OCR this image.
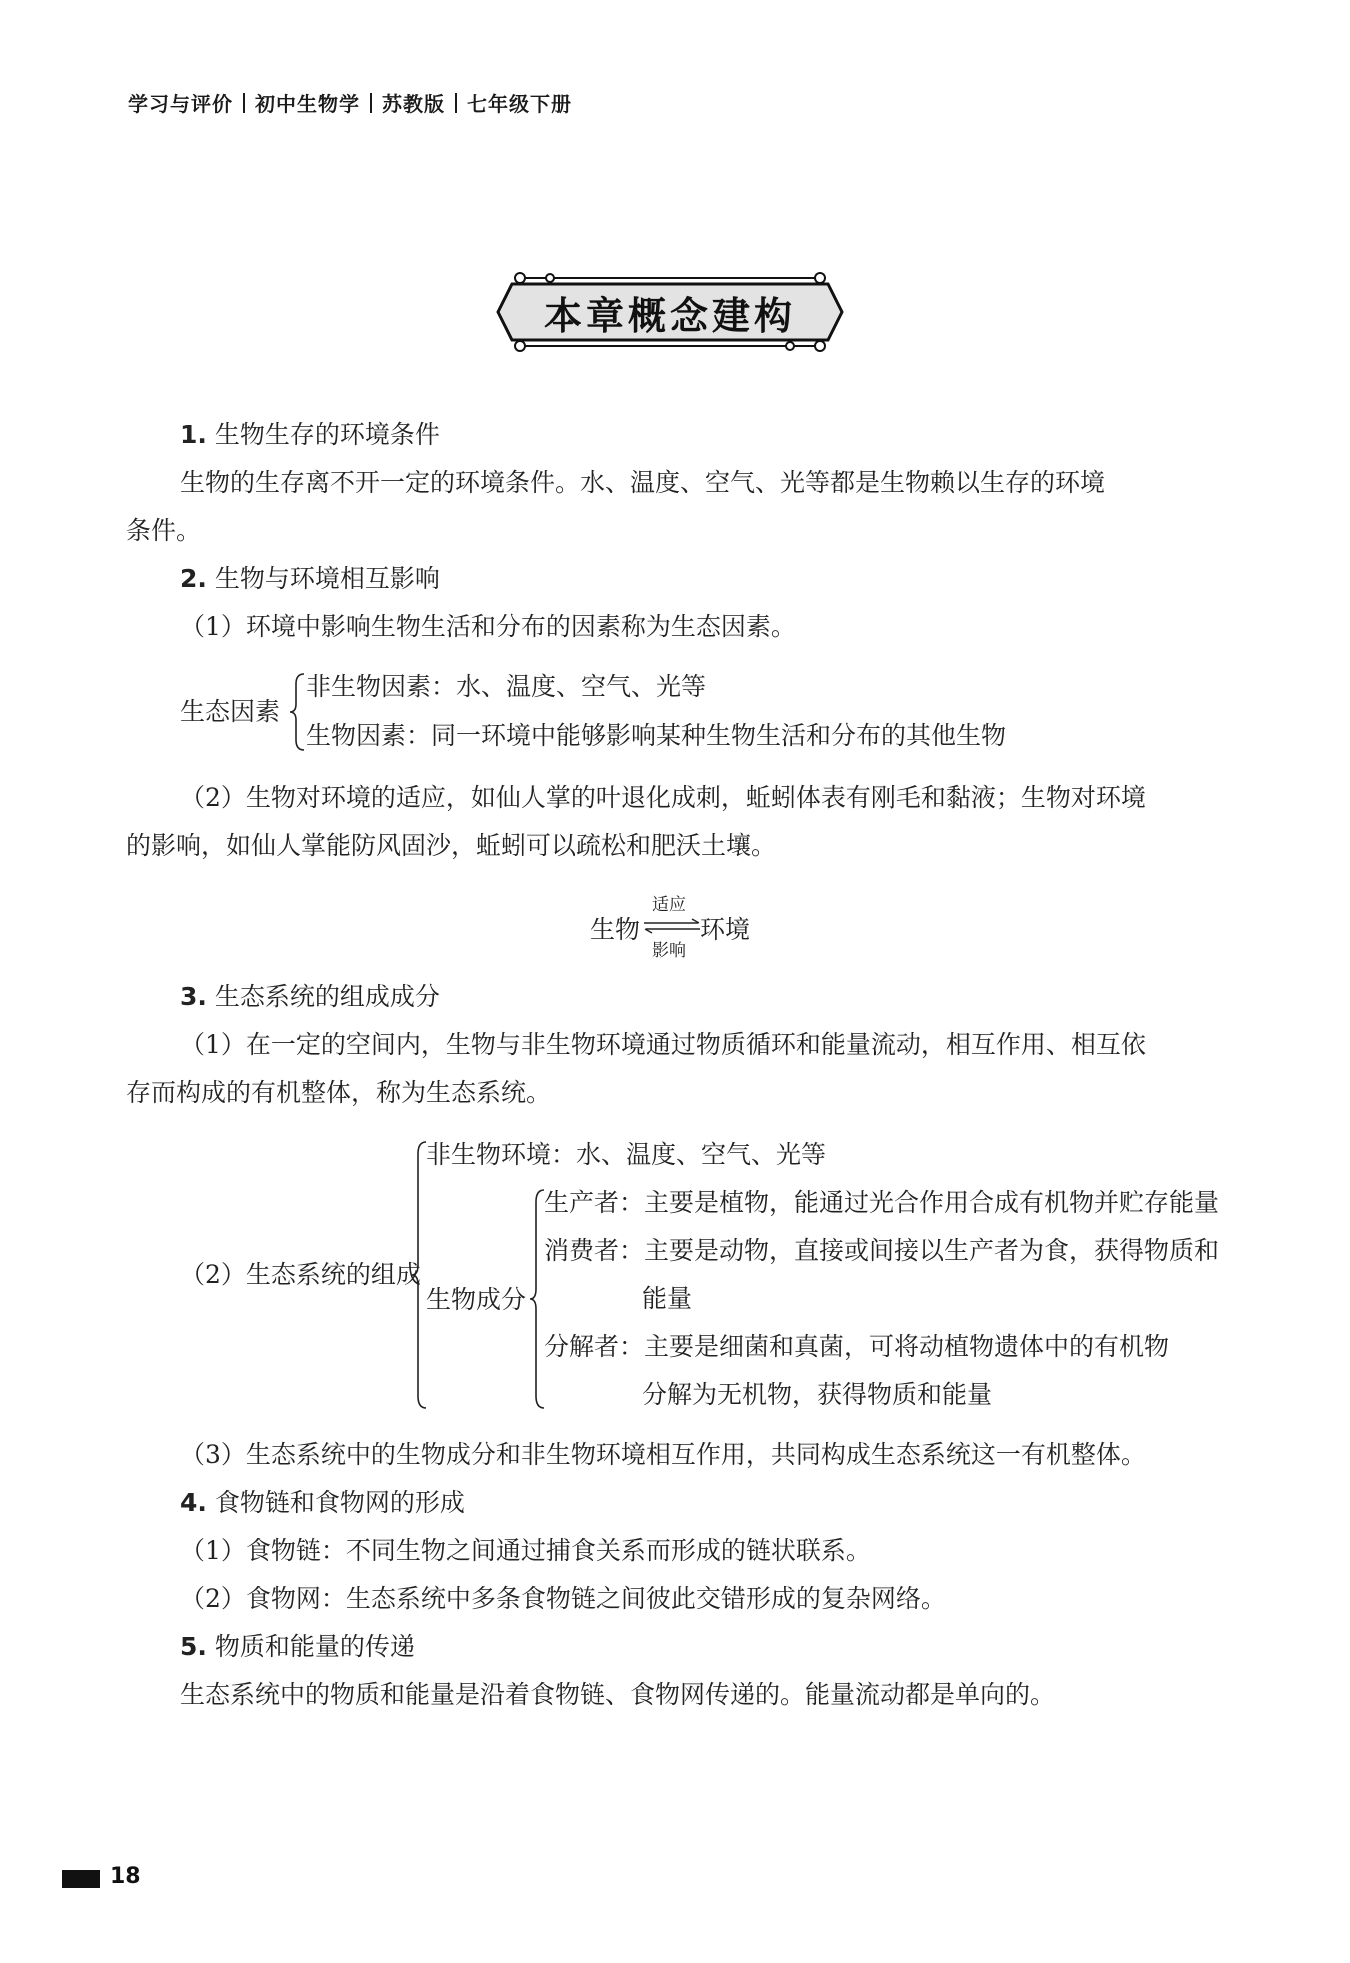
学习与评价 初中生物学 苏教版 七年级下册
本章概念建构
1. 生物生存的环境条件
生物的生存离不开一定的环境条件。水、温度、空气、光等都是生物赖以生存的环境
条件。
2. 生物与环境相互影响
（1）环境中影响生物生活和分布的因素称为生态因素。
生态因素
非生物因素：水、温度、空气、光等
生物因素：同一环境中能够影响某种生物生活和分布的其他生物
（2）生物对环境的适应，如仙人掌的叶退化成刺，蚯蚓体表有刚毛和黏液；生物对环境
的影响，如仙人掌能防风固沙，蚯蚓可以疏松和肥沃土壤。
生物
适应
影响
环境
3. 生态系统的组成成分
（1）在一定的空间内，生物与非生物环境通过物质循环和能量流动，相互作用、相互依
存而构成的有机整体，称为生态系统。
（2）生态系统的组成
非生物环境：水、温度、空气、光等
生物成分
生产者：主要是植物，能通过光合作用合成有机物并贮存能量
消费者：主要是动物，直接或间接以生产者为食，获得物质和
能量
分解者：主要是细菌和真菌，可将动植物遗体中的有机物
分解为无机物，获得物质和能量
（3）生态系统中的生物成分和非生物环境相互作用，共同构成生态系统这一有机整体。
4. 食物链和食物网的形成
（1）食物链：不同生物之间通过捕食关系而形成的链状联系。
（2）食物网：生态系统中多条食物链之间彼此交错形成的复杂网络。
5. 物质和能量的传递
生态系统中的物质和能量是沿着食物链、食物网传递的。能量流动都是单向的。
18
